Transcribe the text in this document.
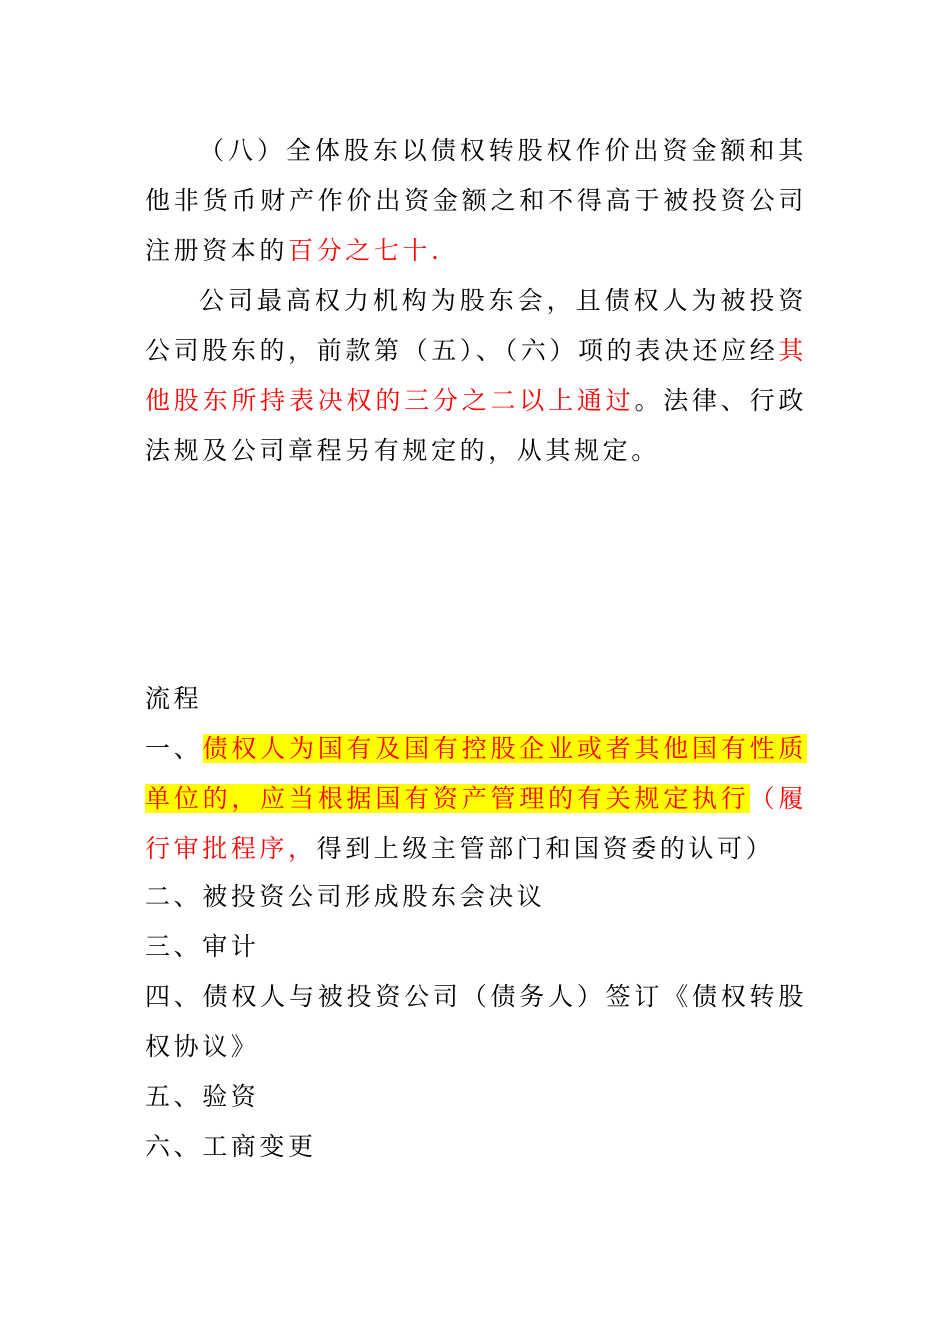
（八）全体股东以债权转股权作价出资金额和其他非货币财产作价出资金额之和不得高于被投资公司注册资本的百分之七十.

公司最高权力机构为股东会，且债权人为被投资公司股东的，前款第（五）、（六）项的表决还应经其他股东所持表决权的三分之二以上通过。法律、行政法规及公司章程另有规定的，从其规定。

流程
一、债权人为国有及国有控股企业或者其他国有性质单位的，应当根据国有资产管理的有关规定执行（履行审批程序，得到上级主管部门和国资委的认可）
二、被投资公司形成股东会决议
三、审计
四、债权人与被投资公司（债务人）签订《债权转股权协议》
五、验资
六、工商变更
